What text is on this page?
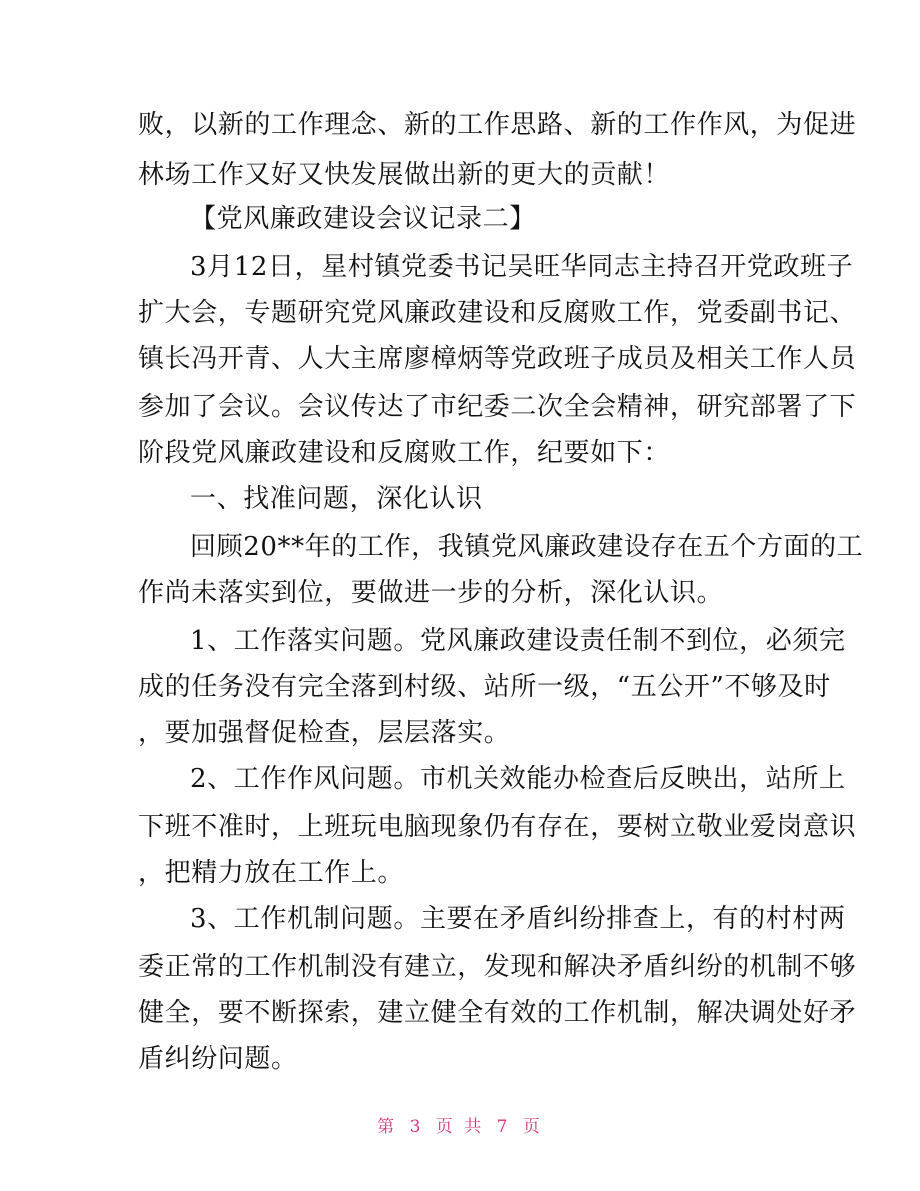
败，以新的工作理念、新的工作思路、新的工作作风，为促进
林场工作又好又快发展做出新的更大的贡献！
【党风廉政建设会议记录二】
3月12日，星村镇党委书记吴旺华同志主持召开党政班子
扩大会，专题研究党风廉政建设和反腐败工作，党委副书记、
镇长冯开青、人大主席廖樟炳等党政班子成员及相关工作人员
参加了会议。会议传达了市纪委二次全会精神，研究部署了下
阶段党风廉政建设和反腐败工作，纪要如下：
一、找准问题，深化认识
回顾20**年的工作，我镇党风廉政建设存在五个方面的工
作尚未落实到位，要做进一步的分析，深化认识。
1、工作落实问题。党风廉政建设责任制不到位，必须完
成的任务没有完全落到村级、站所一级，“五公开”不够及时
，要加强督促检查，层层落实。
2、工作作风问题。市机关效能办检查后反映出，站所上
下班不准时，上班玩电脑现象仍有存在，要树立敬业爱岗意识
，把精力放在工作上。
3、工作机制问题。主要在矛盾纠纷排查上，有的村村两
委正常的工作机制没有建立，发现和解决矛盾纠纷的机制不够
健全，要不断探索，建立健全有效的工作机制，解决调处好矛
盾纠纷问题。
第 3 页 共 7 页
